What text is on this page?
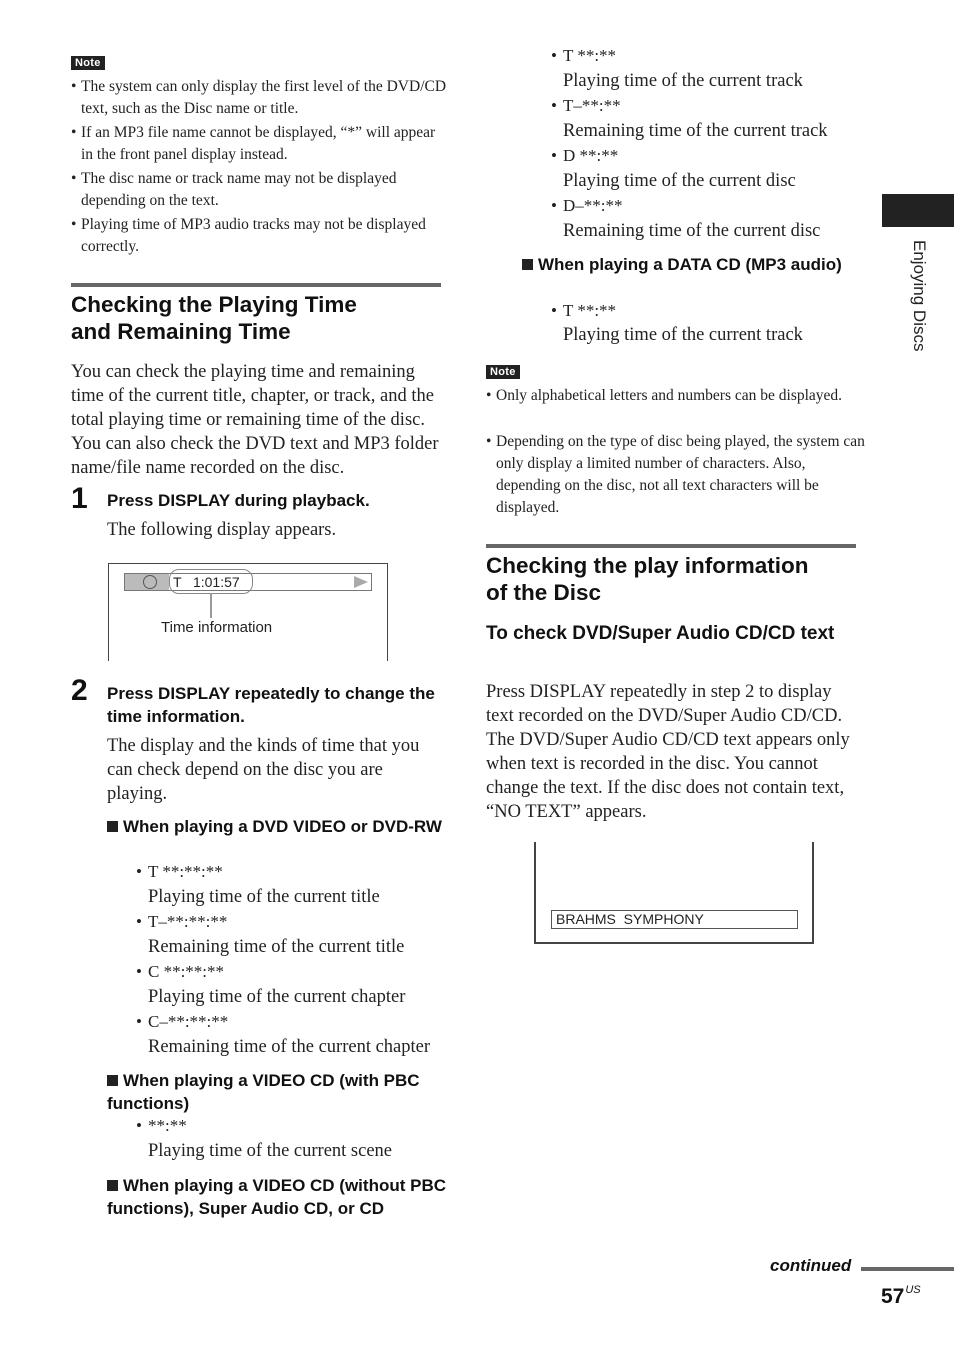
Note
• The system can only display the first level of the DVD/CD text, such as the Disc name or title.
• If an MP3 file name cannot be displayed, “*” will appear in the front panel display instead.
• The disc name or track name may not be displayed depending on the text.
• Playing time of MP3 audio tracks may not be displayed correctly.
Checking the Playing Time
and Remaining Time
You can check the playing time and remaining time of the current title, chapter, or track, and the total playing time or remaining time of the disc. You can also check the DVD text and MP3 folder name/file name recorded on the disc.
1 Press DISPLAY during playback.
The following display appears.
T   1:01:57
Time information
2 Press DISPLAY repeatedly to change the time information.
The display and the kinds of time that you can check depend on the disc you are playing.
When playing a DVD VIDEO or DVD-RW
• T **:**:**
Playing time of the current title
• T–**:**:**
Remaining time of the current title
• C **:**:**
Playing time of the current chapter
• C–**:**:**
Remaining time of the current chapter
When playing a VIDEO CD (with PBC functions)
• **:**
Playing time of the current scene
When playing a VIDEO CD (without PBC functions), Super Audio CD, or CD
• T **:**
Playing time of the current track
• T–**:**
Remaining time of the current track
• D **:**
Playing time of the current disc
• D–**:**
Remaining time of the current disc
When playing a DATA CD (MP3 audio)
• T **:**
Playing time of the current track
Note
• Only alphabetical letters and numbers can be displayed.
• Depending on the type of disc being played, the system can only display a limited number of characters. Also, depending on the disc, not all text characters will be displayed.
Checking the play information
of the Disc
To check DVD/Super Audio CD/CD text
Press DISPLAY repeatedly in step 2 to display text recorded on the DVD/Super Audio CD/CD. The DVD/Super Audio CD/CD text appears only when text is recorded in the disc. You cannot change the text. If the disc does not contain text, “NO TEXT” appears.
BRAHMS  SYMPHONY
Enjoying Discs
continued
$57^{US}$
